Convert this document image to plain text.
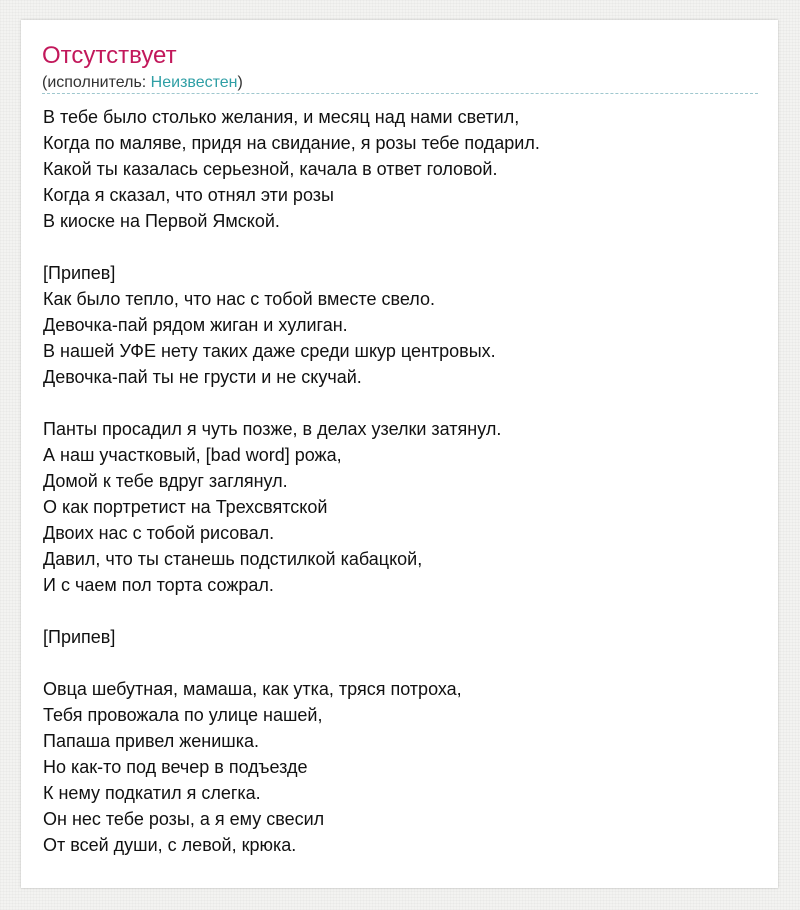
Отсутствует
(исполнитель: Неизвестен)
В тебе было столько желания, и месяц над нами светил,
Когда по маляве, придя на свидание, я розы тебе подарил.
Какой ты казалась серьезной, качала в ответ головой.
Когда я сказал, что отнял эти розы
В киоске на Первой Ямской.
[Припев]
Как было тепло, что нас с тобой вместе свело.
Девочка-пай рядом жиган и хулиган.
В нашей УФЕ нету таких даже среди шкур центровых.
Девочка-пай ты не грусти и не скучай.
Панты просадил я чуть позже, в делах узелки затянул.
А наш участковый, [bad word] рожа,
Домой к тебе вдруг заглянул.
О как портретист на Трехсвятской
Двоих нас с тобой рисовал.
Давил, что ты станешь подстилкой кабацкой,
И с чаем пол торта сожрал.
[Припев]
Овца шебутная, мамаша, как утка, тряся потроха,
Тебя провожала по улице нашей,
Папаша привел женишка.
Но как-то под вечер в подъезде
К нему подкатил я слегка.
Он нес тебе розы, а я ему свесил
От всей души, с левой, крюка.
